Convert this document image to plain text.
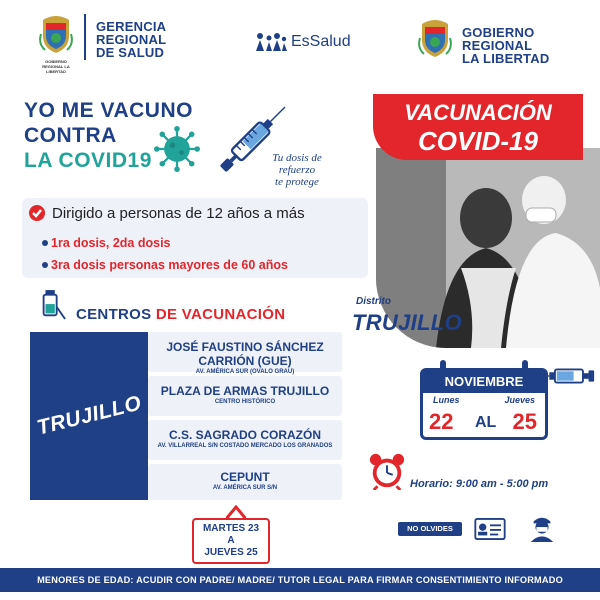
GOBIERNO REGIONAL LA LIBERTAD
GERENCIA
REGIONAL
DE SALUD
EsSalud
GOBIERNO
REGIONAL
LA LIBERTAD
YO ME VACUNO
CONTRA
LA COVID19	Tu dosis de refuerzo
te protege
VACUNACIÓN
COVID-19
Dirigido a personas de 12 años a más
1ra dosis, 2da dosis
3ra dosis personas mayores de 60 años
CENTROS DE VACUNACIÓN
TRUJILLO
JOSÉ FAUSTINO SÁNCHEZ CARRIÓN (GUE)
AV. AMÉRICA SUR (OVALO GRAU)
PLAZA DE ARMAS TRUJILLO
CENTRO HISTÓRICO
C.S. SAGRADO CORAZÓN
AV. VILLARREAL S/N COSTADO MERCADO LOS GRANADOS
CEPUNT
AV. AMÉRICA SUR S/N
MARTES 23
A
JUEVES 25
Distrito
TRUJILLO
NOVIEMBRE
Lunes	Jueves
22 AL 25
Horario: 9:00 am - 5:00 pm
NO OLVIDES
MENORES DE EDAD: ACUDIR CON PADRE/ MADRE/ TUTOR LEGAL PARA FIRMAR CONSENTIMIENTO INFORMADO
